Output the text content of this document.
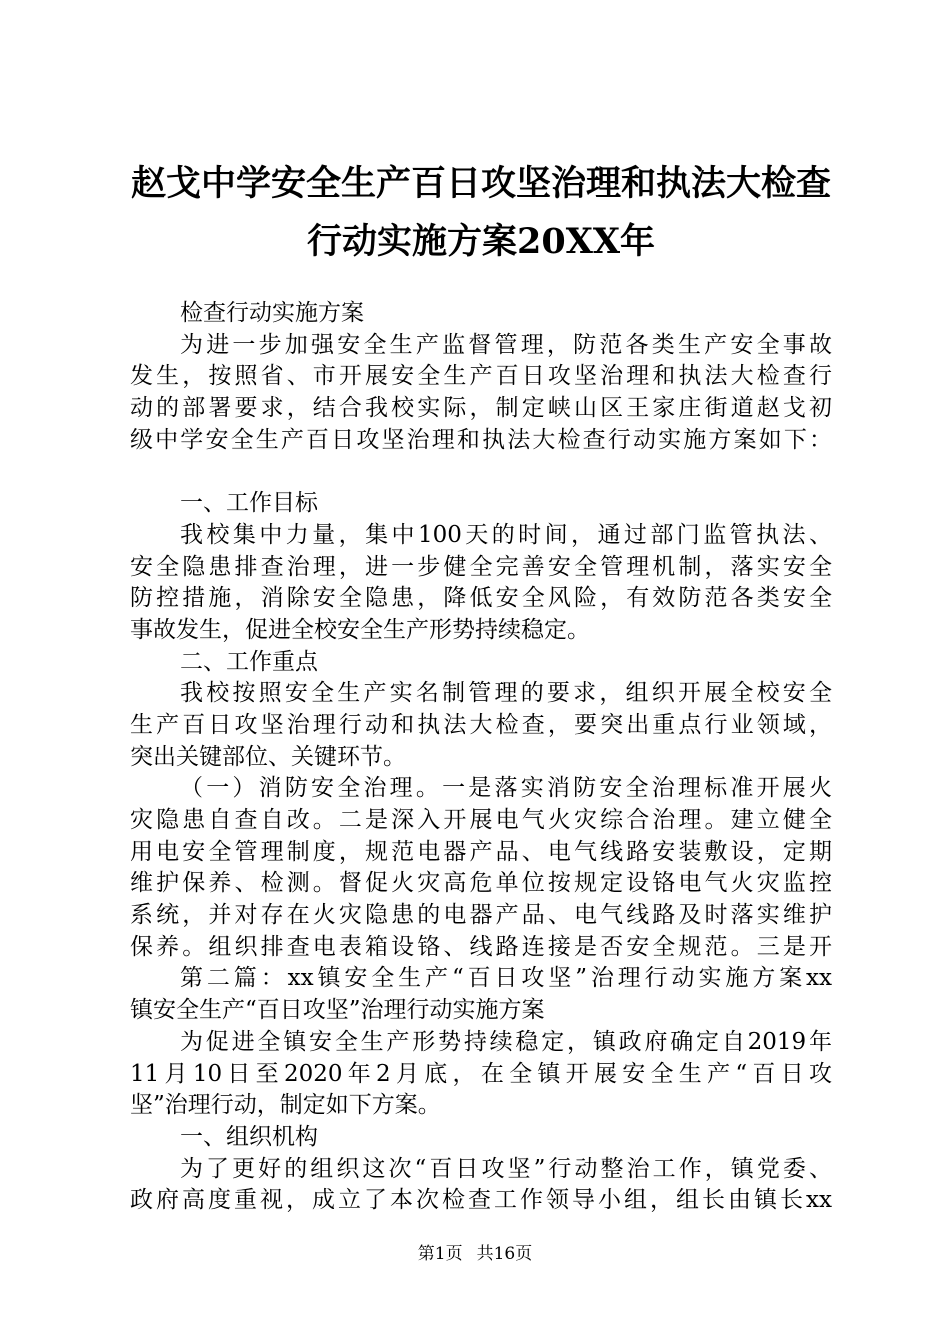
赵戈中学安全生产百日攻坚治理和执法大检查
行动实施方案20XX年
检查行动实施方案
为进一步加强安全生产监督管理，防范各类生产安全事故
发生，按照省、市开展安全生产百日攻坚治理和执法大检查行
动的部署要求，结合我校实际，制定峡山区王家庄街道赵戈初
级中学安全生产百日攻坚治理和执法大检查行动实施方案如下：
一、工作目标
我校集中力量，集中100天的时间，通过部门监管执法、
安全隐患排查治理，进一步健全完善安全管理机制，落实安全
防控措施，消除安全隐患，降低安全风险，有效防范各类安全
事故发生，促进全校安全生产形势持续稳定。
二、工作重点
我校按照安全生产实名制管理的要求，组织开展全校安全
生产百日攻坚治理行动和执法大检查，要突出重点行业领域，
突出关键部位、关键环节。
（一）消防安全治理。一是落实消防安全治理标准开展火
灾隐患自查自改。二是深入开展电气火灾综合治理。建立健全
用电安全管理制度，规范电器产品、电气线路安装敷设，定期
维护保养、检测。督促火灾高危单位按规定设铬电气火灾监控
系统，并对存在火灾隐患的电器产品、电气线路及时落实维护
保养。组织排查电表箱设铬、线路连接是否安全规范。三是开
第二篇：xx镇安全生产“百日攻坚”治理行动实施方案xx
镇安全生产“百日攻坚”治理行动实施方案
为促进全镇安全生产形势持续稳定，镇政府确定自2019年
11月10日至2020年2月底，在全镇开展安全生产“百日攻
坚”治理行动，制定如下方案。
一、组织机构
为了更好的组织这次“百日攻坚”行动整治工作，镇党委、
政府高度重视，成立了本次检查工作领导小组，组长由镇长xx
第1页 共16页
